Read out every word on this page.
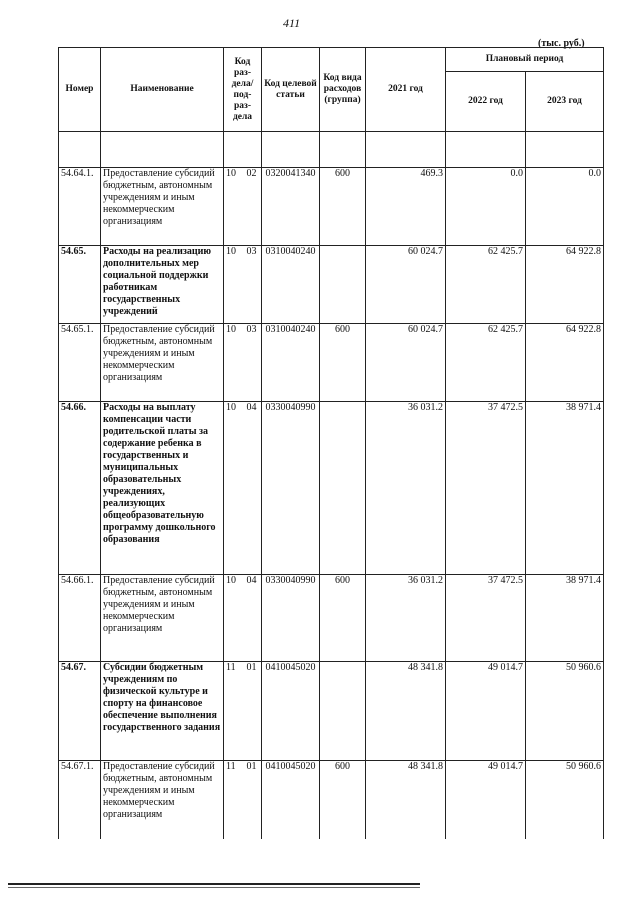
411
(тыс. руб.)
Номер	Наименование	Код раз-дела/ под-раз-дела	Код целевой статьи	Код вида расходов (группа)	2021 год	Плановый период	
						2022 год	2023 год

54.64.1.	Предоставление субсидий бюджетным, автономным учреждениям и иным некоммерческим организациям	10 02	0320041340	600	469.3	0.0	0.0
54.65.	Расходы на реализацию дополнительных мер социальной поддержки работникам государственных учреждений	10 03	0310040240		60 024.7	62 425.7	64 922.8
54.65.1.	Предоставление субсидий бюджетным, автономным учреждениям и иным некоммерческим организациям	10 03	0310040240	600	60 024.7	62 425.7	64 922.8
54.66.	Расходы на выплату компенсации части родительской платы за содержание ребенка в государственных и муниципальных образовательных учреждениях, реализующих общеобразовательную программу дошкольного образования	10 04	0330040990		36 031.2	37 472.5	38 971.4
54.66.1.	Предоставление субсидий бюджетным, автономным учреждениям и иным некоммерческим организациям	10 04	0330040990	600	36 031.2	37 472.5	38 971.4
54.67.	Субсидии бюджетным учреждениям по физической культуре и спорту на финансовое обеспечение выполнения государственного задания	11 01	0410045020		48 341.8	49 014.7	50 960.6
54.67.1.	Предоставление субсидий бюджетным, автономным учреждениям и иным некоммерческим организациям	11 01	0410045020	600	48 341.8	49 014.7	50 960.6
